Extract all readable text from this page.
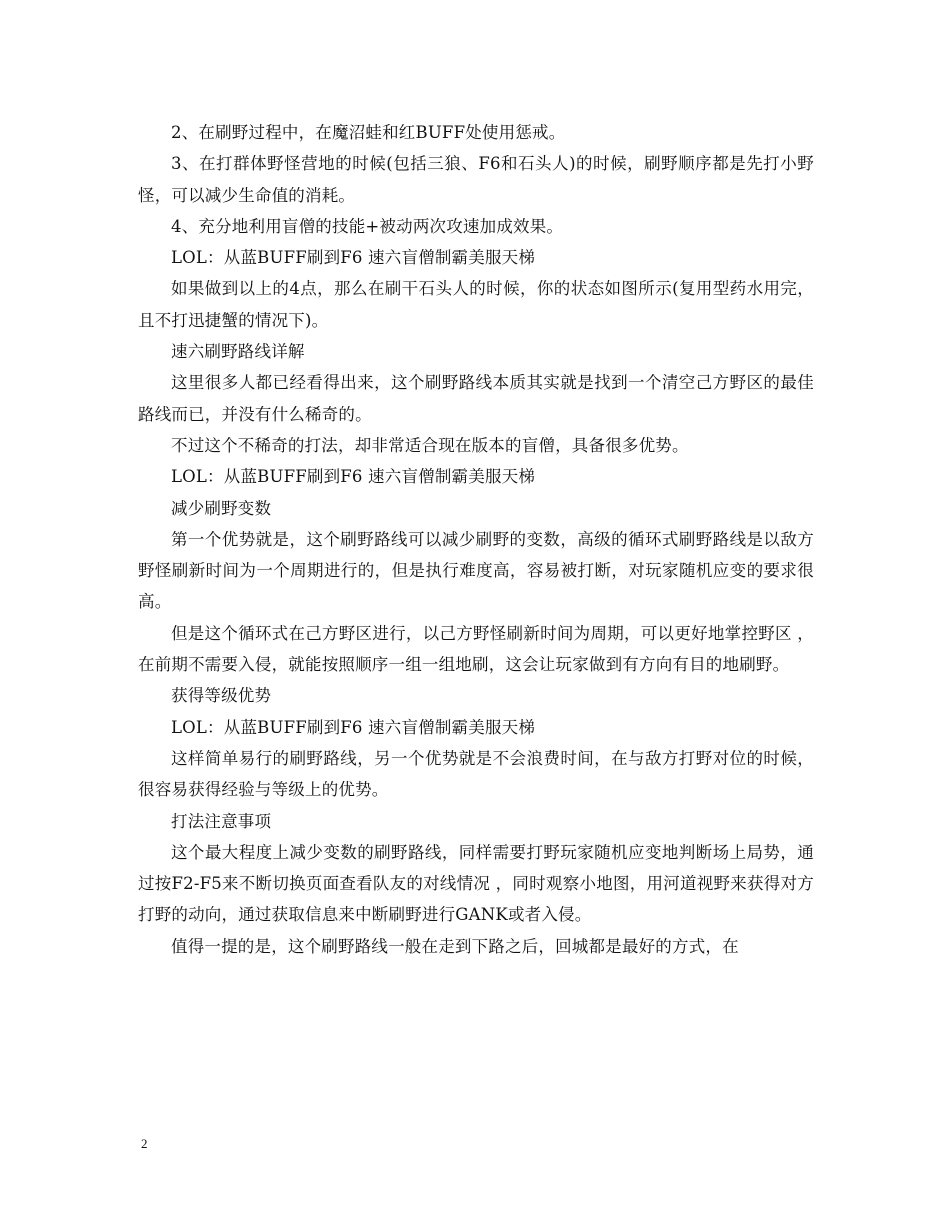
2、在刷野过程中，在魔沼蛙和红BUFF处使用惩戒。

3、在打群体野怪营地的时候(包括三狼、F6和石头人)的时候，刷野顺序都是先打小野怪，可以减少生命值的消耗。

4、充分地利用盲僧的技能+被动两次攻速加成效果。

LOL：从蓝BUFF刷到F6 速六盲僧制霸美服天梯

如果做到以上的4点，那么在刷干石头人的时候，你的状态如图所示(复用型药水用完，且不打迅捷蟹的情况下)。

速六刷野路线详解

这里很多人都已经看得出来，这个刷野路线本质其实就是找到一个清空己方野区的最佳路线而已，并没有什么稀奇的。

不过这个不稀奇的打法，却非常适合现在版本的盲僧，具备很多优势。

LOL：从蓝BUFF刷到F6 速六盲僧制霸美服天梯

减少刷野变数

第一个优势就是，这个刷野路线可以减少刷野的变数，高级的循环式刷野路线是以敌方野怪刷新时间为一个周期进行的，但是执行难度高，容易被打断，对玩家随机应变的要求很高。

但是这个循环式在己方野区进行，以己方野怪刷新时间为周期，可以更好地掌控野区 ，在前期不需要入侵，就能按照顺序一组一组地刷，这会让玩家做到有方向有目的地刷野。

获得等级优势

LOL：从蓝BUFF刷到F6 速六盲僧制霸美服天梯

这样简单易行的刷野路线，另一个优势就是不会浪费时间，在与敌方打野对位的时候，很容易获得经验与等级上的优势。

打法注意事项

这个最大程度上减少变数的刷野路线，同样需要打野玩家随机应变地判断场上局势，通过按F2-F5来不断切换页面查看队友的对线情况 ，同时观察小地图，用河道视野来获得对方打野的动向，通过获取信息来中断刷野进行GANK或者入侵。

值得一提的是，这个刷野路线一般在走到下路之后，回城都是最好的方式，在

2
